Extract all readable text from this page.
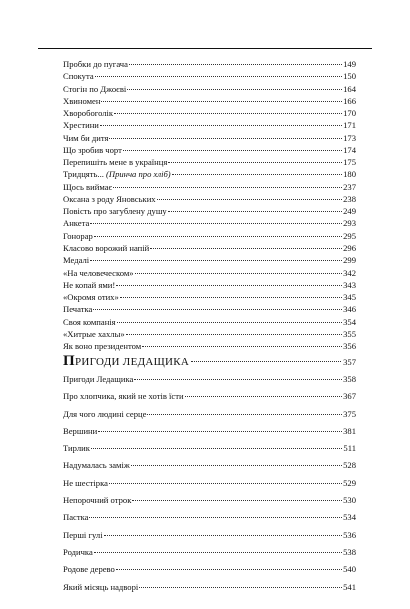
Пробки до пугача	149
Спокута	150
Стогін по Джоєві	164
Хвиномен	166
Хворобоголік	170
Хрестини	171
Чим би дитя	173
Що зробив чорт	174
Перепишіть мене в українця	175
Тридцять... (Принча про хліб)	180
Щось виймає	237
Оксана з роду Яновських	238
Повість про загублену душу	249
Анкета	293
Гонорар	295
Класово ворожий напій	296
Медалі	299
«На человеческом»	342
Не копай ями!	343
«Окромя отих»	345
Печатка	346
Своя компанія	354
«Хитрые хахлы»	355
Як воно президентом	356
ПРИГОДИ ЛЕДАЩИКА	357
Пригоди Ледащика	358
Про хлопчика, який не хотів їсти	367
Для чого людині серце	375
Вершини	381
Тирлик	511
Надумалась заміж	528
Не шестірка	529
Непорочний отрок	530
Пастка	534
Перші гулі	536
Родичка	538
Родове дерево	540
Який місяць надворі	541
